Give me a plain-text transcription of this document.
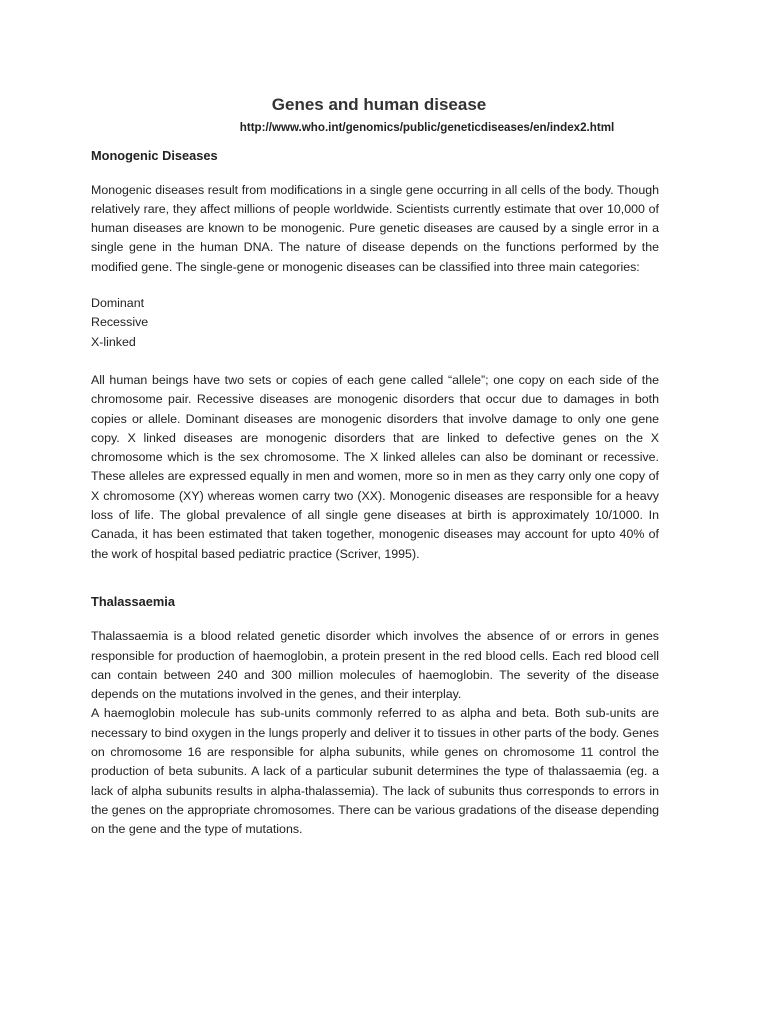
Genes and human disease
http://www.who.int/genomics/public/geneticdiseases/en/index2.html
Monogenic Diseases

Monogenic diseases result from modifications in a single gene occurring in all cells of the body. Though relatively rare, they affect millions of people worldwide. Scientists currently estimate that over 10,000 of human diseases are known to be monogenic. Pure genetic diseases are caused by a single error in a single gene in the human DNA. The nature of disease depends on the functions performed by the modified gene. The single-gene or monogenic diseases can be classified into three main categories:

Dominant
Recessive
X-linked

All human beings have two sets or copies of each gene called “allele”; one copy on each side of the chromosome pair. Recessive diseases are monogenic disorders that occur due to damages in both copies or allele. Dominant diseases are monogenic disorders that involve damage to only one gene copy. X linked diseases are monogenic disorders that are linked to defective genes on the X chromosome which is the sex chromosome. The X linked alleles can also be dominant or recessive. These alleles are expressed equally in men and women, more so in men as they carry only one copy of X chromosome (XY) whereas women carry two (XX). Monogenic diseases are responsible for a heavy loss of life. The global prevalence of all single gene diseases at birth is approximately 10/1000. In Canada, it has been estimated that taken together, monogenic diseases may account for upto 40% of the work of hospital based pediatric practice (Scriver, 1995).

Thalassaemia

Thalassaemia is a blood related genetic disorder which involves the absence of or errors in genes responsible for production of haemoglobin, a protein present in the red blood cells. Each red blood cell can contain between 240 and 300 million molecules of haemoglobin. The severity of the disease depends on the mutations involved in the genes, and their interplay.

A haemoglobin molecule has sub-units commonly referred to as alpha and beta. Both sub-units are necessary to bind oxygen in the lungs properly and deliver it to tissues in other parts of the body. Genes on chromosome 16 are responsible for alpha subunits, while genes on chromosome 11 control the production of beta subunits. A lack of a particular subunit determines the type of thalassaemia (eg. a lack of alpha subunits results in alpha-thalassemia). The lack of subunits thus corresponds to errors in the genes on the appropriate chromosomes. There can be various gradations of the disease depending on the gene and the type of mutations.
